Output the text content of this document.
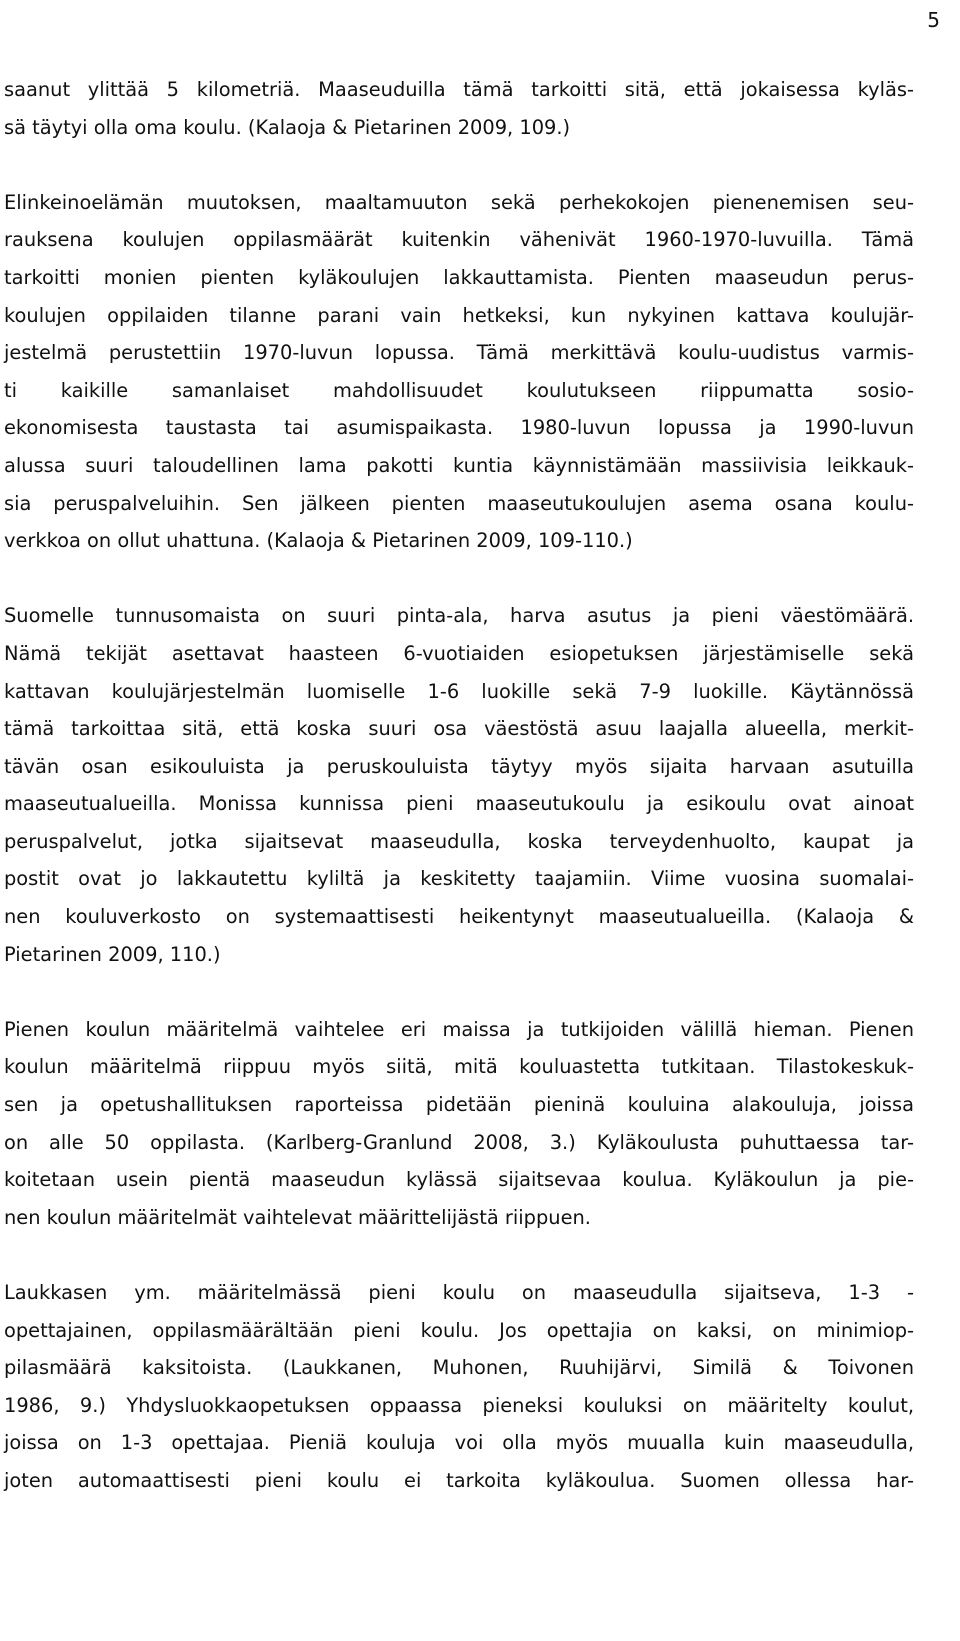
5
saanut ylittää 5 kilometriä. Maaseuduilla tämä tarkoitti sitä, että jokaisessa kyläs-
sä täytyi olla oma koulu. (Kalaoja & Pietarinen 2009, 109.)
Elinkeinoelämän muutoksen, maaltamuuton sekä perhekokojen pienenemisen seu-
rauksena koulujen oppilasmäärät kuitenkin vähenivät 1960-1970-luvuilla. Tämä
tarkoitti monien pienten kyläkoulujen lakkauttamista. Pienten maaseudun perus-
koulujen oppilaiden tilanne parani vain hetkeksi, kun nykyinen kattava koulujär-
jestelmä perustettiin 1970-luvun lopussa. Tämä merkittävä koulu-uudistus varmis-
ti kaikille samanlaiset mahdollisuudet koulutukseen riippumatta sosio-
ekonomisesta taustasta tai asumispaikasta. 1980-luvun lopussa ja 1990-luvun
alussa suuri taloudellinen lama pakotti kuntia käynnistämään massiivisia leikkauk-
sia peruspalveluihin. Sen jälkeen pienten maaseutukoulujen asema osana koulu-
verkkoa on ollut uhattuna. (Kalaoja & Pietarinen 2009, 109-110.)
Suomelle tunnusomaista on suuri pinta-ala, harva asutus ja pieni väestömäärä.
Nämä tekijät asettavat haasteen 6-vuotiaiden esiopetuksen järjestämiselle sekä
kattavan koulujärjestelmän luomiselle 1-6 luokille sekä 7-9 luokille. Käytännössä
tämä tarkoittaa sitä, että koska suuri osa väestöstä asuu laajalla alueella, merkit-
tävän osan esikouluista ja peruskouluista täytyy myös sijaita harvaan asutuilla
maaseutualueilla. Monissa kunnissa pieni maaseutukoulu ja esikoulu ovat ainoat
peruspalvelut, jotka sijaitsevat maaseudulla, koska terveydenhuolto, kaupat ja
postit ovat jo lakkautettu kyliltä ja keskitetty taajamiin. Viime vuosina suomalai-
nen kouluverkosto on systemaattisesti heikentynyt maaseutualueilla. (Kalaoja &
Pietarinen 2009, 110.)
Pienen koulun määritelmä vaihtelee eri maissa ja tutkijoiden välillä hieman. Pienen
koulun määritelmä riippuu myös siitä, mitä kouluastetta tutkitaan. Tilastokeskuk-
sen ja opetushallituksen raporteissa pidetään pieninä kouluina alakouluja, joissa
on alle 50 oppilasta. (Karlberg-Granlund 2008, 3.) Kyläkoulusta puhuttaessa tar-
koitetaan usein pientä maaseudun kylässä sijaitsevaa koulua. Kyläkoulun ja pie-
nen koulun määritelmät vaihtelevat määrittelijästä riippuen.
Laukkasen ym. määritelmässä pieni koulu on maaseudulla sijaitseva, 1-3 -
opettajainen, oppilasmäärältään pieni koulu. Jos opettajia on kaksi, on minimiop-
pilasmäärä kaksitoista. (Laukkanen, Muhonen, Ruuhijärvi, Similä & Toivonen
1986, 9.) Yhdysluokkaopetuksen oppaassa pieneksi kouluksi on määritelty koulut,
joissa on 1-3 opettajaa. Pieniä kouluja voi olla myös muualla kuin maaseudulla,
joten automaattisesti pieni koulu ei tarkoita kyläkoulua. Suomen ollessa har-
